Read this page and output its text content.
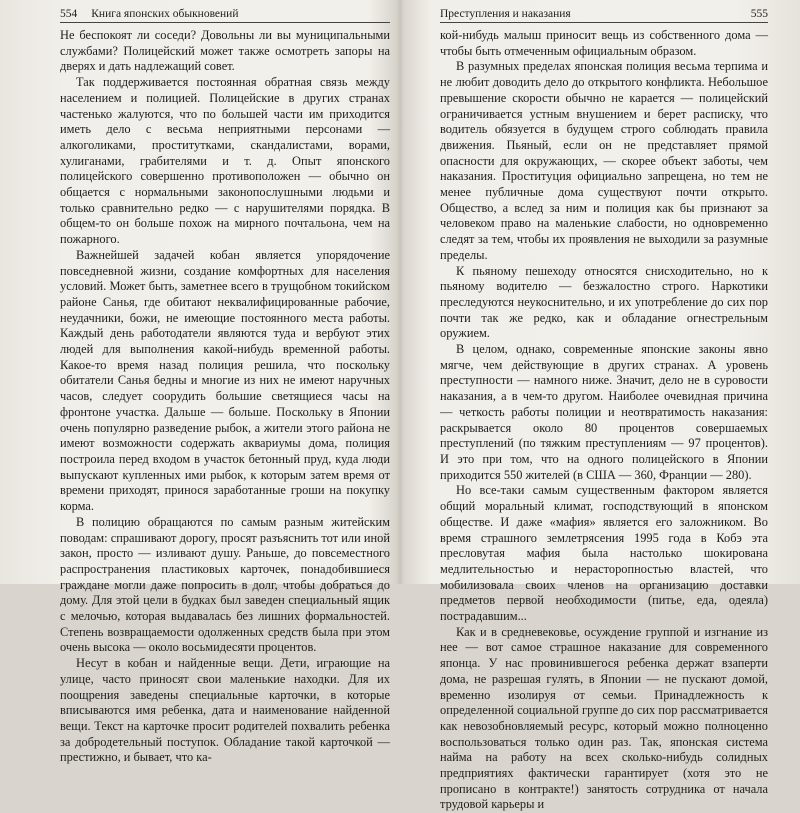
554 Книга японских обыкновений

Не беспокоят ли соседи? Довольны ли вы муниципальными службами? Полицейский может также осмотреть запоры на дверях и дать надлежащий совет.

Так поддерживается постоянная обратная связь между населением и полицией. Полицейские в других странах частенько жалуются, что по большей части им приходится иметь дело с весьма неприятными персонами — алкоголиками, проститутками, скандалистами, ворами, хулиганами, грабителями и т. д. Опыт японского полицейского совершенно противоположен — обычно он общается с нормальными законопослушными людьми и только сравнительно редко — с нарушителями порядка. В общем-то он больше похож на мирного почтальона, чем на пожарного.

Важнейшей задачей кобан является упорядочение повседневной жизни, создание комфортных для населения условий. Может быть, заметнее всего в трущобном токийском районе Санья, где обитают неквалифицированные рабочие, неудачники, божи, не имеющие постоянного места работы. Каждый день работодатели являются туда и вербуют этих людей для выполнения какой-нибудь временной работы. Какое-то время назад полиция решила, что поскольку обитатели Санья бедны и многие из них не имеют наручных часов, следует соорудить большие светящиеся часы на фронтоне участка. Дальше — больше. Поскольку в Японии очень популярно разведение рыбок, а жители этого района не имеют возможности содержать аквариумы дома, полиция построила перед входом в участок бетонный пруд, куда люди выпускают купленных ими рыбок, к которым затем время от времени приходят, принося заработанные гроши на покупку корма.

В полицию обращаются по самым разным житейским поводам: спрашивают дорогу, просят разъяснить тот или иной закон, просто — изливают душу. Раньше, до повсеместного распространения пластиковых карточек, понадобившиеся граждане могли даже попросить в долг, чтобы добраться до дому. Для этой цели в будках был заведен специальный ящик с мелочью, которая выдавалась без лишних формальностей. Степень возвращаемости одолженных средств была при этом очень высока — около восьмидесяти процентов.

Несут в кобан и найденные вещи. Дети, играющие на улице, часто приносят свои маленькие находки. Для их поощрения заведены специальные карточки, в которые вписываются имя ребенка, дата и наименование найденной вещи. Текст на карточке просит родителей похвалить ребенка за добродетельный поступок. Обладание такой карточкой — престижно, и бывает, что ка-

Преступления и наказания	555

кой-нибудь малыш приносит вещь из собственного дома — чтобы быть отмеченным официальным образом.

В разумных пределах японская полиция весьма терпима и не любит доводить дело до открытого конфликта. Небольшое превышение скорости обычно не карается — полицейский ограничивается устным внушением и берет расписку, что водитель обязуется в будущем строго соблюдать правила движения. Пьяный, если он не представляет прямой опасности для окружающих, — скорее объект заботы, чем наказания. Проституция официально запрещена, но тем не менее публичные дома существуют почти открыто. Общество, а вслед за ним и полиция как бы признают за человеком право на маленькие слабости, но одновременно следят за тем, чтобы их проявления не выходили за разумные пределы.

К пьяному пешеходу относятся снисходительно, но к пьяному водителю — безжалостно строго. Наркотики преследуются неукоснительно, и их употребление до сих пор почти так же редко, как и обладание огнестрельным оружием.

В целом, однако, современные японские законы явно мягче, чем действующие в других странах. А уровень преступности — намного ниже. Значит, дело не в суровости наказания, а в чем-то другом. Наиболее очевидная причина — четкость работы полиции и неотвратимость наказания: раскрывается около 80 процентов совершаемых преступлений (по тяжким преступлениям — 97 процентов). И это при том, что на одного полицейского в Японии приходится 550 жителей (в США — 360, Франции — 280).

Но все-таки самым существенным фактором является общий моральный климат, господствующий в японском обществе. И даже «мафия» является его заложником. Во время страшного землетрясения 1995 года в Кобэ эта пресловутая мафия была настолько шокирована медлительностью и нерасторопностью властей, что мобилизовала своих членов на организацию доставки предметов первой необходимости (питье, еда, одеяла) пострадавшим...

Как и в средневековье, осуждение группой и изгнание из нее — вот самое страшное наказание для современного японца. У нас провинившегося ребенка держат взаперти дома, не разрешая гулять, в Японии — не пускают домой, временно изолируя от семьи. Принадлежность к определенной социальной группе до сих пор рассматривается как невозобновляемый ресурс, который можно полноценно воспользоваться только один раз. Так, японская система найма на работу на всех сколько-нибудь солидных предприятиях фактически гарантирует (хотя это не прописано в контракте!) занятость сотрудника от начала трудовой карьеры и
